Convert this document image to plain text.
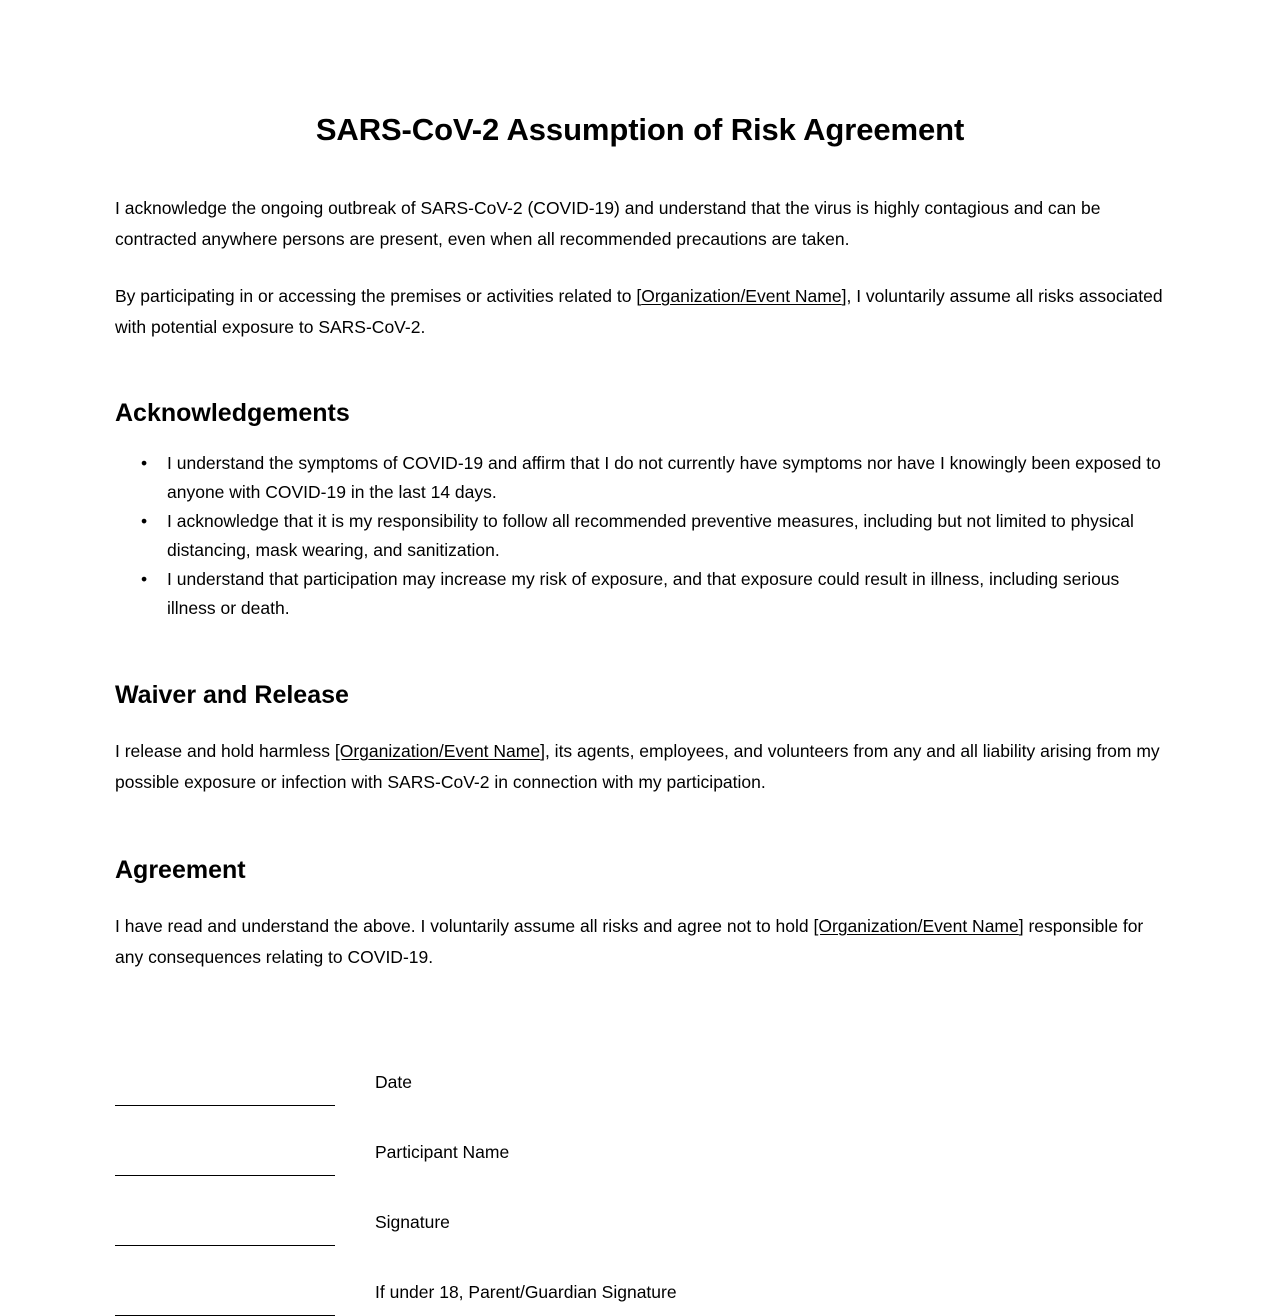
SARS-CoV-2 Assumption of Risk Agreement

I acknowledge the ongoing outbreak of SARS-CoV-2 (COVID-19) and understand that the virus is highly contagious and can be contracted anywhere persons are present, even when all recommended precautions are taken.

By participating in or accessing the premises or activities related to [Organization/Event Name], I voluntarily assume all risks associated with potential exposure to SARS-CoV-2.

Acknowledgements
• I understand the symptoms of COVID-19 and affirm that I do not currently have symptoms nor have I knowingly been exposed to anyone with COVID-19 in the last 14 days.
• I acknowledge that it is my responsibility to follow all recommended preventive measures, including but not limited to physical distancing, mask wearing, and sanitization.
• I understand that participation may increase my risk of exposure, and that exposure could result in illness, including serious illness or death.
Waiver and Release

I release and hold harmless [Organization/Event Name], its agents, employees, and volunteers from any and all liability arising from my possible exposure or infection with SARS-CoV-2 in connection with my participation.

Agreement

I have read and understand the above. I voluntarily assume all risks and agree not to hold [Organization/Event Name] responsible for any consequences relating to COVID-19.

Date
Participant Name
Signature
If under 18, Parent/Guardian Signature
